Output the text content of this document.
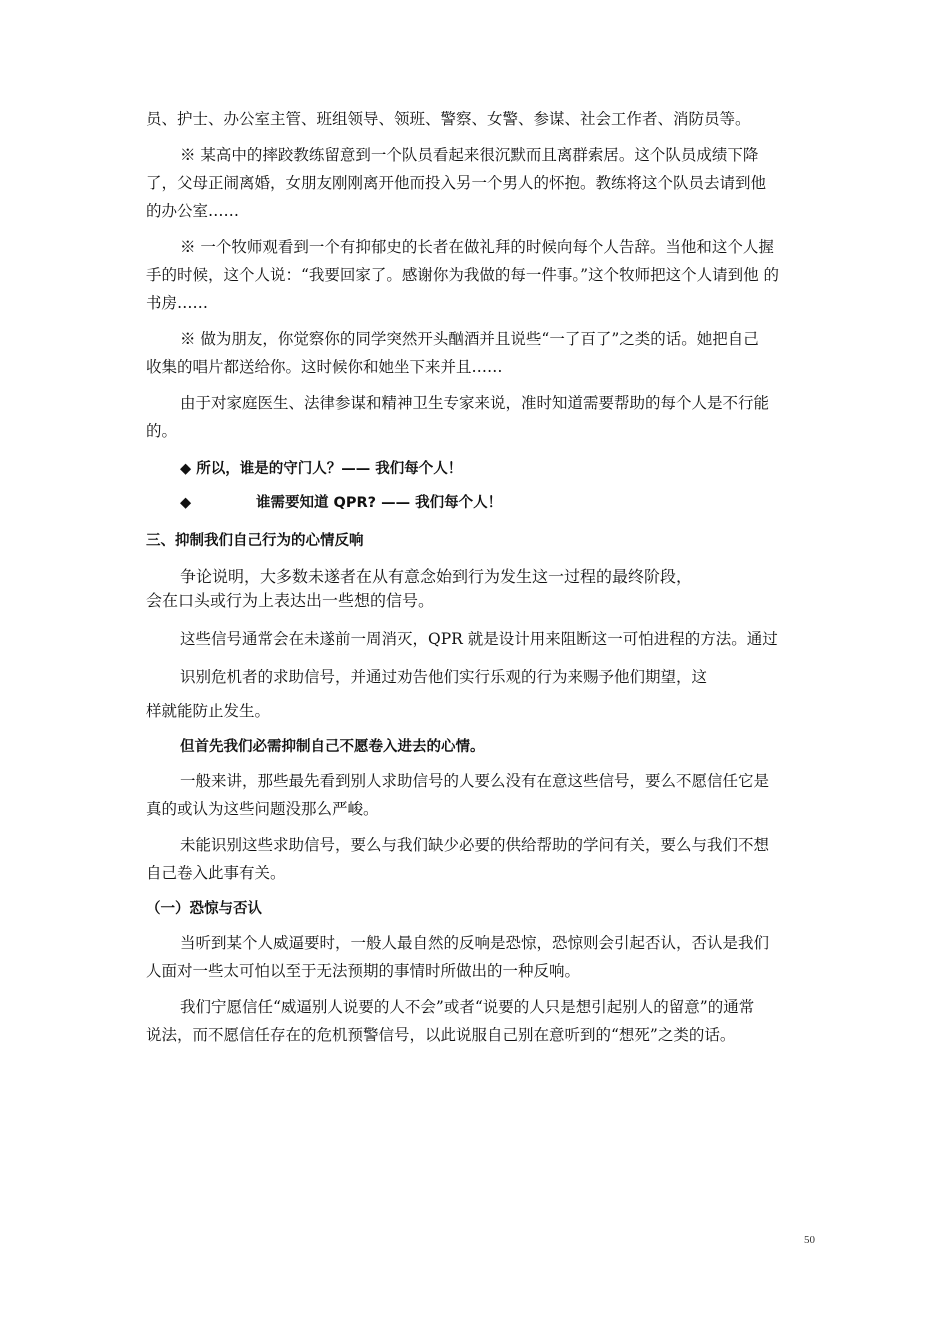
员、护士、办公室主管、班组领导、领班、警察、女警、参谋、社会工作者、消防员等。
※ 某高中的摔跤教练留意到一个队员看起来很沉默而且离群索居。这个队员成绩下降
了，父母正闹离婚，女朋友刚刚离开他而投入另一个男人的怀抱。教练将这个队员去请到他
的办公室……
※ 一个牧师观看到一个有抑郁史的长者在做礼拜的时候向每个人告辞。当他和这个人握
手的时候，这个人说：“我要回家了。感谢你为我做的每一件事。”这个牧师把这个人请到他 的
书房……
※ 做为朋友，你觉察你的同学突然开头酗酒并且说些“一了百了”之类的话。她把自己
收集的唱片都送给你。这时候你和她坐下来并且……
由于对家庭医生、法律参谋和精神卫生专家来说，准时知道需要帮助的每个人是不行能
的。
◆ 所以，谁是的守门人？—— 我们每个人！
◆	谁需要知道 QPR? —— 我们每个人！
三、抑制我们自己行为的心情反响
争论说明，大多数未遂者在从有意念始到行为发生这一过程的最终阶段，
会在口头或行为上表达出一些想的信号。
这些信号通常会在未遂前一周消灭，QPR 就是设计用来阻断这一可怕进程的方法。通过
识别危机者的求助信号，并通过劝告他们实行乐观的行为来赐予他们期望，这
样就能防止发生。
但首先我们必需抑制自己不愿卷入进去的心情。
一般来讲，那些最先看到别人求助信号的人要么没有在意这些信号，要么不愿信任它是
真的或认为这些问题没那么严峻。
未能识别这些求助信号，要么与我们缺少必要的供给帮助的学问有关，要么与我们不想
自己卷入此事有关。
（一）恐惊与否认
当听到某个人威逼要时，一般人最自然的反响是恐惊，恐惊则会引起否认，否认是我们
人面对一些太可怕以至于无法预期的事情时所做出的一种反响。
我们宁愿信任“威逼别人说要的人不会”或者“说要的人只是想引起别人的留意”的通常
说法，而不愿信任存在的危机预警信号，以此说服自己别在意听到的“想死”之类的话。
50
